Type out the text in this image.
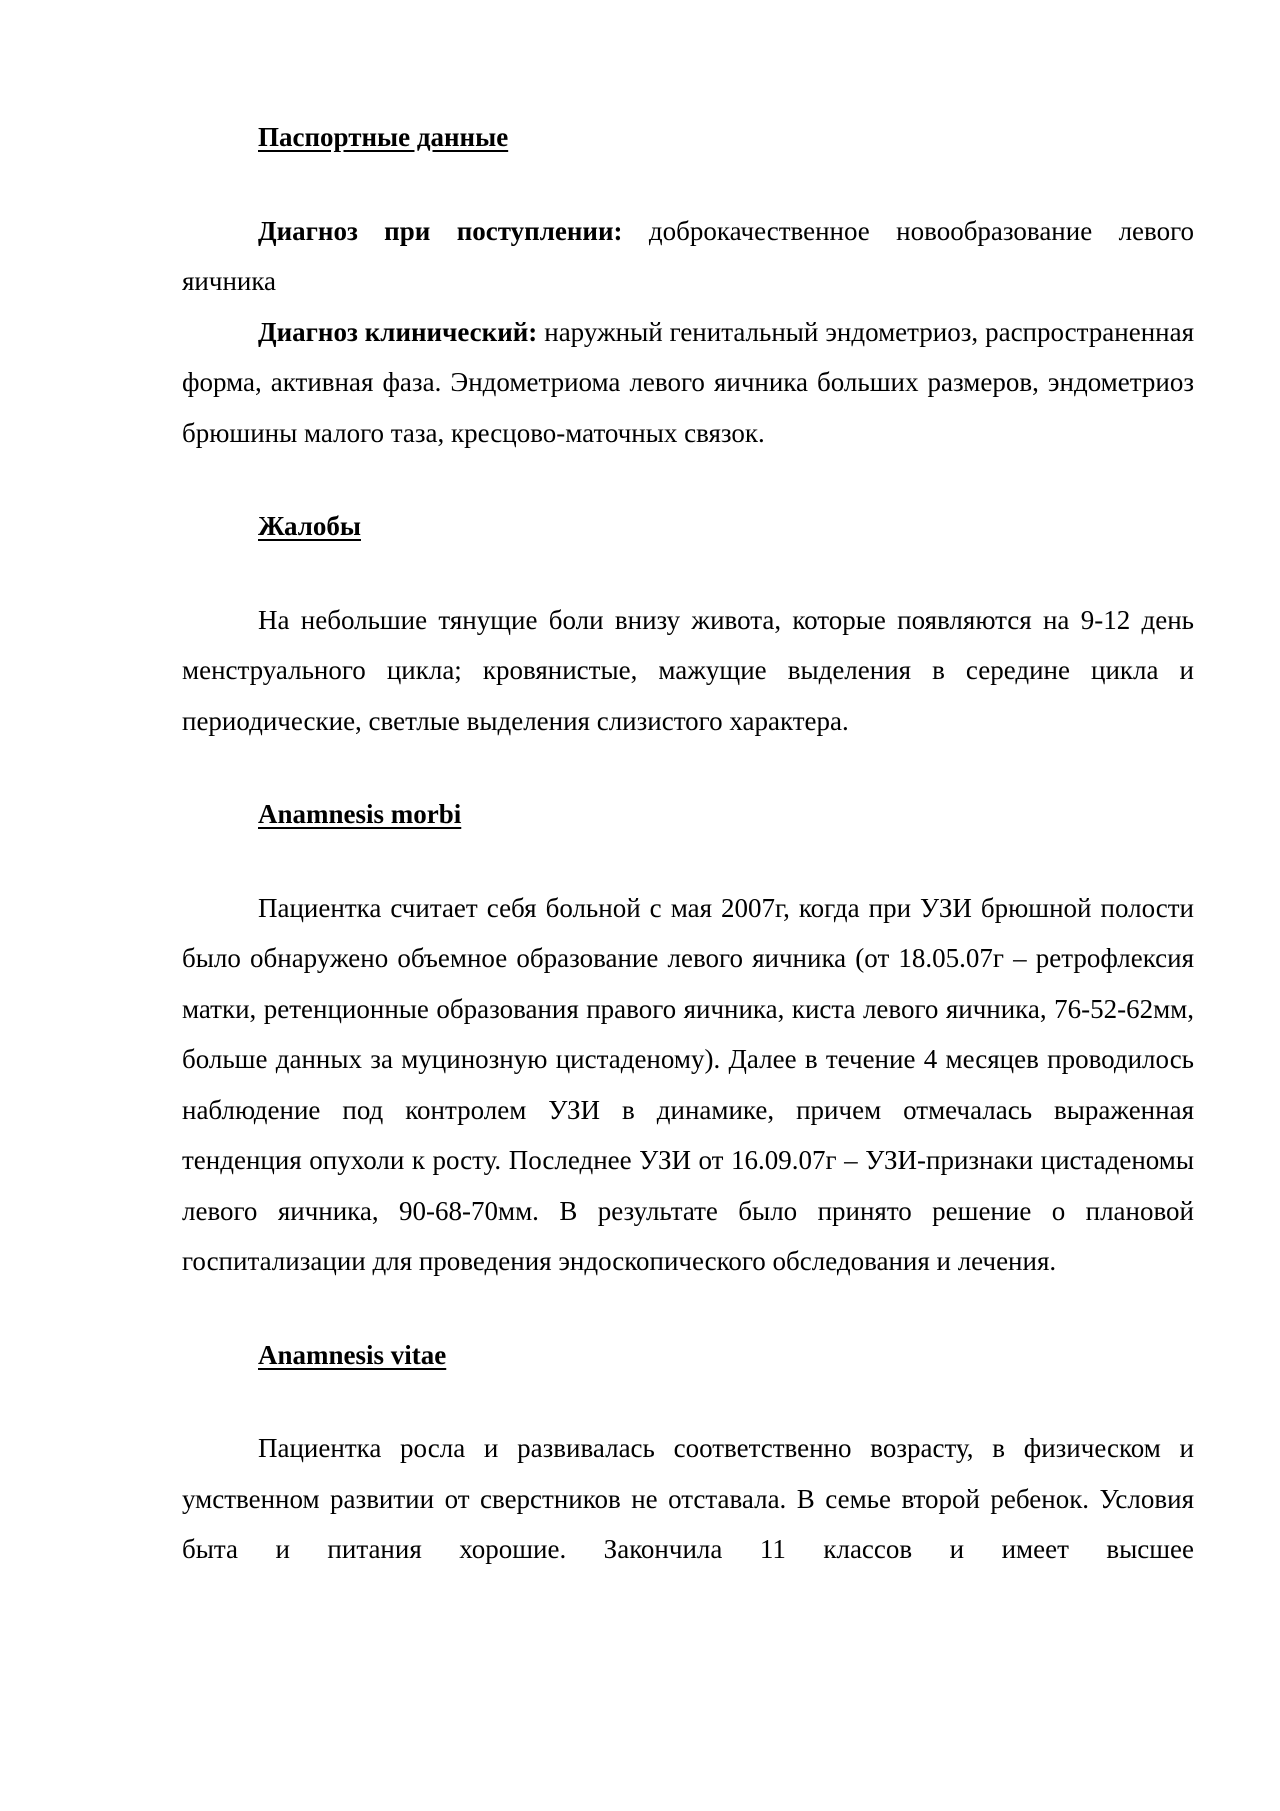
Паспортные данные

Диагноз при поступлении: доброкачественное новообразование левого яичника

Диагноз клинический: наружный генитальный эндометриоз, распространенная форма, активная фаза. Эндометриома левого яичника больших размеров, эндометриоз брюшины малого таза, кресцово-маточных связок.

Жалобы

На небольшие тянущие боли внизу живота, которые появляются на 9-12 день менструального цикла; кровянистые, мажущие выделения в середине цикла и периодические, светлые выделения слизистого характера.

Anamnesis morbi

Пациентка считает себя больной с мая 2007г, когда при УЗИ брюшной полости было обнаружено объемное образование левого яичника (от 18.05.07г – ретрофлексия матки, ретенционные образования правого яичника, киста левого яичника, 76-52-62мм, больше данных за муцинозную цистаденому). Далее в течение 4 месяцев проводилось наблюдение под контролем УЗИ в динамике, причем отмечалась выраженная тенденция опухоли к росту. Последнее УЗИ от 16.09.07г – УЗИ-признаки цистаденомы левого яичника, 90-68-70мм. В результате было принято решение о плановой госпитализации для проведения эндоскопического обследования и лечения.

Anamnesis vitae

Пациентка росла и развивалась соответственно возрасту, в физическом и умственном развитии от сверстников не отставала. В семье второй ребенок. Условия быта и питания хорошие. Закончила 11 классов и имеет высшее
